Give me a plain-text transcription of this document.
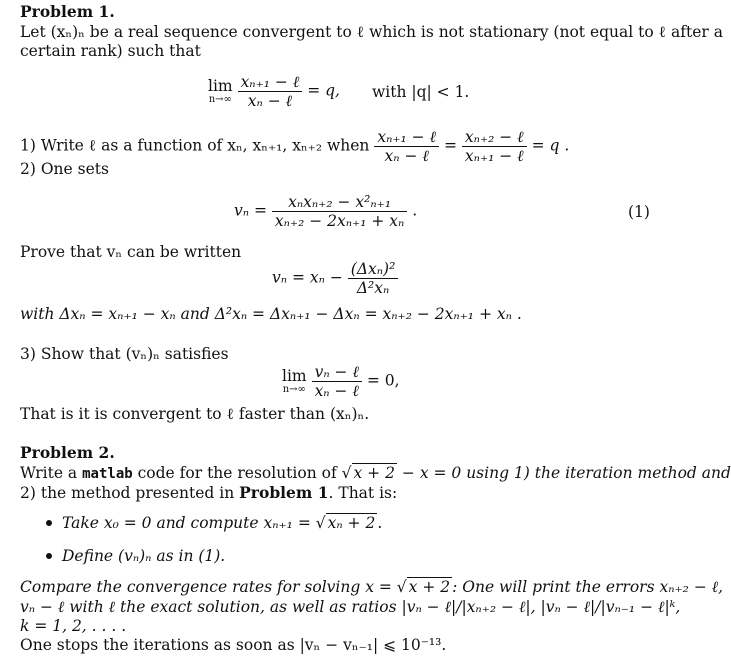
Problem 1.
Let (xₙ)ₙ be a real sequence convergent to ℓ which is not stationary (not equal to ℓ after a
certain rank) such that
lim
n→∞
$\frac{\text{xₙ₊₁ − ℓ}}{\text{xₙ − ℓ}} = q$, with |q| < 1.
1) Write ℓ as a function of xₙ, xₙ₊₁, xₙ₊₂ when $\frac{\text{xₙ₊₁ − ℓ}}{\text{xₙ − ℓ}} = \frac{\text{xₙ₊₂ − ℓ}}{\text{xₙ₊₁ − ℓ}} = q$ .
2) One sets
$v_n = \frac{\text{xₙxₙ₊₂ − x²ₙ₊₁}}{\text{xₙ₊₂ − 2xₙ₊₁ + xₙ}}$ .	(1)
Prove that vₙ can be written
$v_n = x_n - \frac{\text{(Δxₙ)²}}{\text{Δ²xₙ}}$
with Δxₙ = xₙ₊₁ − xₙ and Δ²xₙ = Δxₙ₊₁ − Δxₙ = xₙ₊₂ − 2xₙ₊₁ + xₙ .
3) Show that (vₙ)ₙ satisfies
lim
n→∞
$\frac{\text{vₙ − ℓ}}{\text{xₙ − ℓ}} = 0$,
That is it is convergent to ℓ faster than (xₙ)ₙ.
Problem 2.
Write a matlab code for the resolution of √ x + 2 − x = 0 using 1) the iteration method and
2) the method presented in Problem 1. That is:
Take x₀ = 0 and compute xₙ₊₁ = √ xₙ + 2 .
Define (vₙ)ₙ as in (1).
Compare the convergence rates for solving x = √ x + 2 : One will print the errors xₙ₊₂ − ℓ,
vₙ − ℓ with ℓ the exact solution, as well as ratios |vₙ − ℓ|/|xₙ₊₂ − ℓ|, |vₙ − ℓ|/|vₙ₋₁ − ℓ|ᵏ,
k = 1, 2, . . . .
One stops the iterations as soon as |vₙ − vₙ₋₁| ⩽ 10⁻¹³.
